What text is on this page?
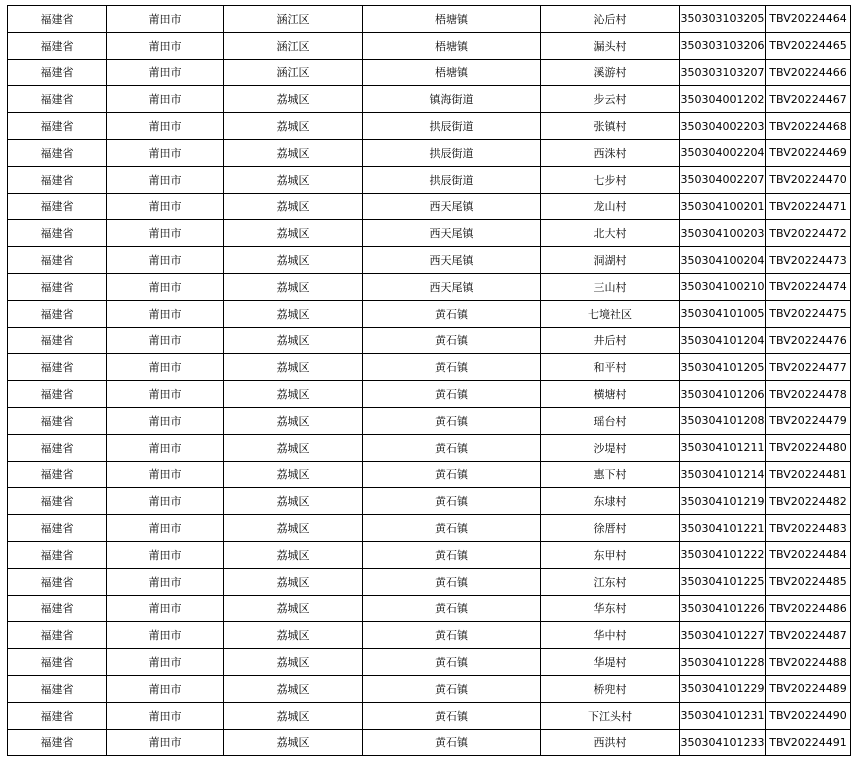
福建省	莆田市	涵江区	梧塘镇	沁后村	350303103205	TBV20224464
福建省	莆田市	涵江区	梧塘镇	漏头村	350303103206	TBV20224465
福建省	莆田市	涵江区	梧塘镇	溪游村	350303103207	TBV20224466
福建省	莆田市	荔城区	镇海街道	步云村	350304001202	TBV20224467
福建省	莆田市	荔城区	拱辰街道	张镇村	350304002203	TBV20224468
福建省	莆田市	荔城区	拱辰街道	西洙村	350304002204	TBV20224469
福建省	莆田市	荔城区	拱辰街道	七步村	350304002207	TBV20224470
福建省	莆田市	荔城区	西天尾镇	龙山村	350304100201	TBV20224471
福建省	莆田市	荔城区	西天尾镇	北大村	350304100203	TBV20224472
福建省	莆田市	荔城区	西天尾镇	洞湖村	350304100204	TBV20224473
福建省	莆田市	荔城区	西天尾镇	三山村	350304100210	TBV20224474
福建省	莆田市	荔城区	黄石镇	七境社区	350304101005	TBV20224475
福建省	莆田市	荔城区	黄石镇	井后村	350304101204	TBV20224476
福建省	莆田市	荔城区	黄石镇	和平村	350304101205	TBV20224477
福建省	莆田市	荔城区	黄石镇	横塘村	350304101206	TBV20224478
福建省	莆田市	荔城区	黄石镇	瑶台村	350304101208	TBV20224479
福建省	莆田市	荔城区	黄石镇	沙堤村	350304101211	TBV20224480
福建省	莆田市	荔城区	黄石镇	惠下村	350304101214	TBV20224481
福建省	莆田市	荔城区	黄石镇	东埭村	350304101219	TBV20224482
福建省	莆田市	荔城区	黄石镇	徐厝村	350304101221	TBV20224483
福建省	莆田市	荔城区	黄石镇	东甲村	350304101222	TBV20224484
福建省	莆田市	荔城区	黄石镇	江东村	350304101225	TBV20224485
福建省	莆田市	荔城区	黄石镇	华东村	350304101226	TBV20224486
福建省	莆田市	荔城区	黄石镇	华中村	350304101227	TBV20224487
福建省	莆田市	荔城区	黄石镇	华堤村	350304101228	TBV20224488
福建省	莆田市	荔城区	黄石镇	桥兜村	350304101229	TBV20224489
福建省	莆田市	荔城区	黄石镇	下江头村	350304101231	TBV20224490
福建省	莆田市	荔城区	黄石镇	西洪村	350304101233	TBV20224491
